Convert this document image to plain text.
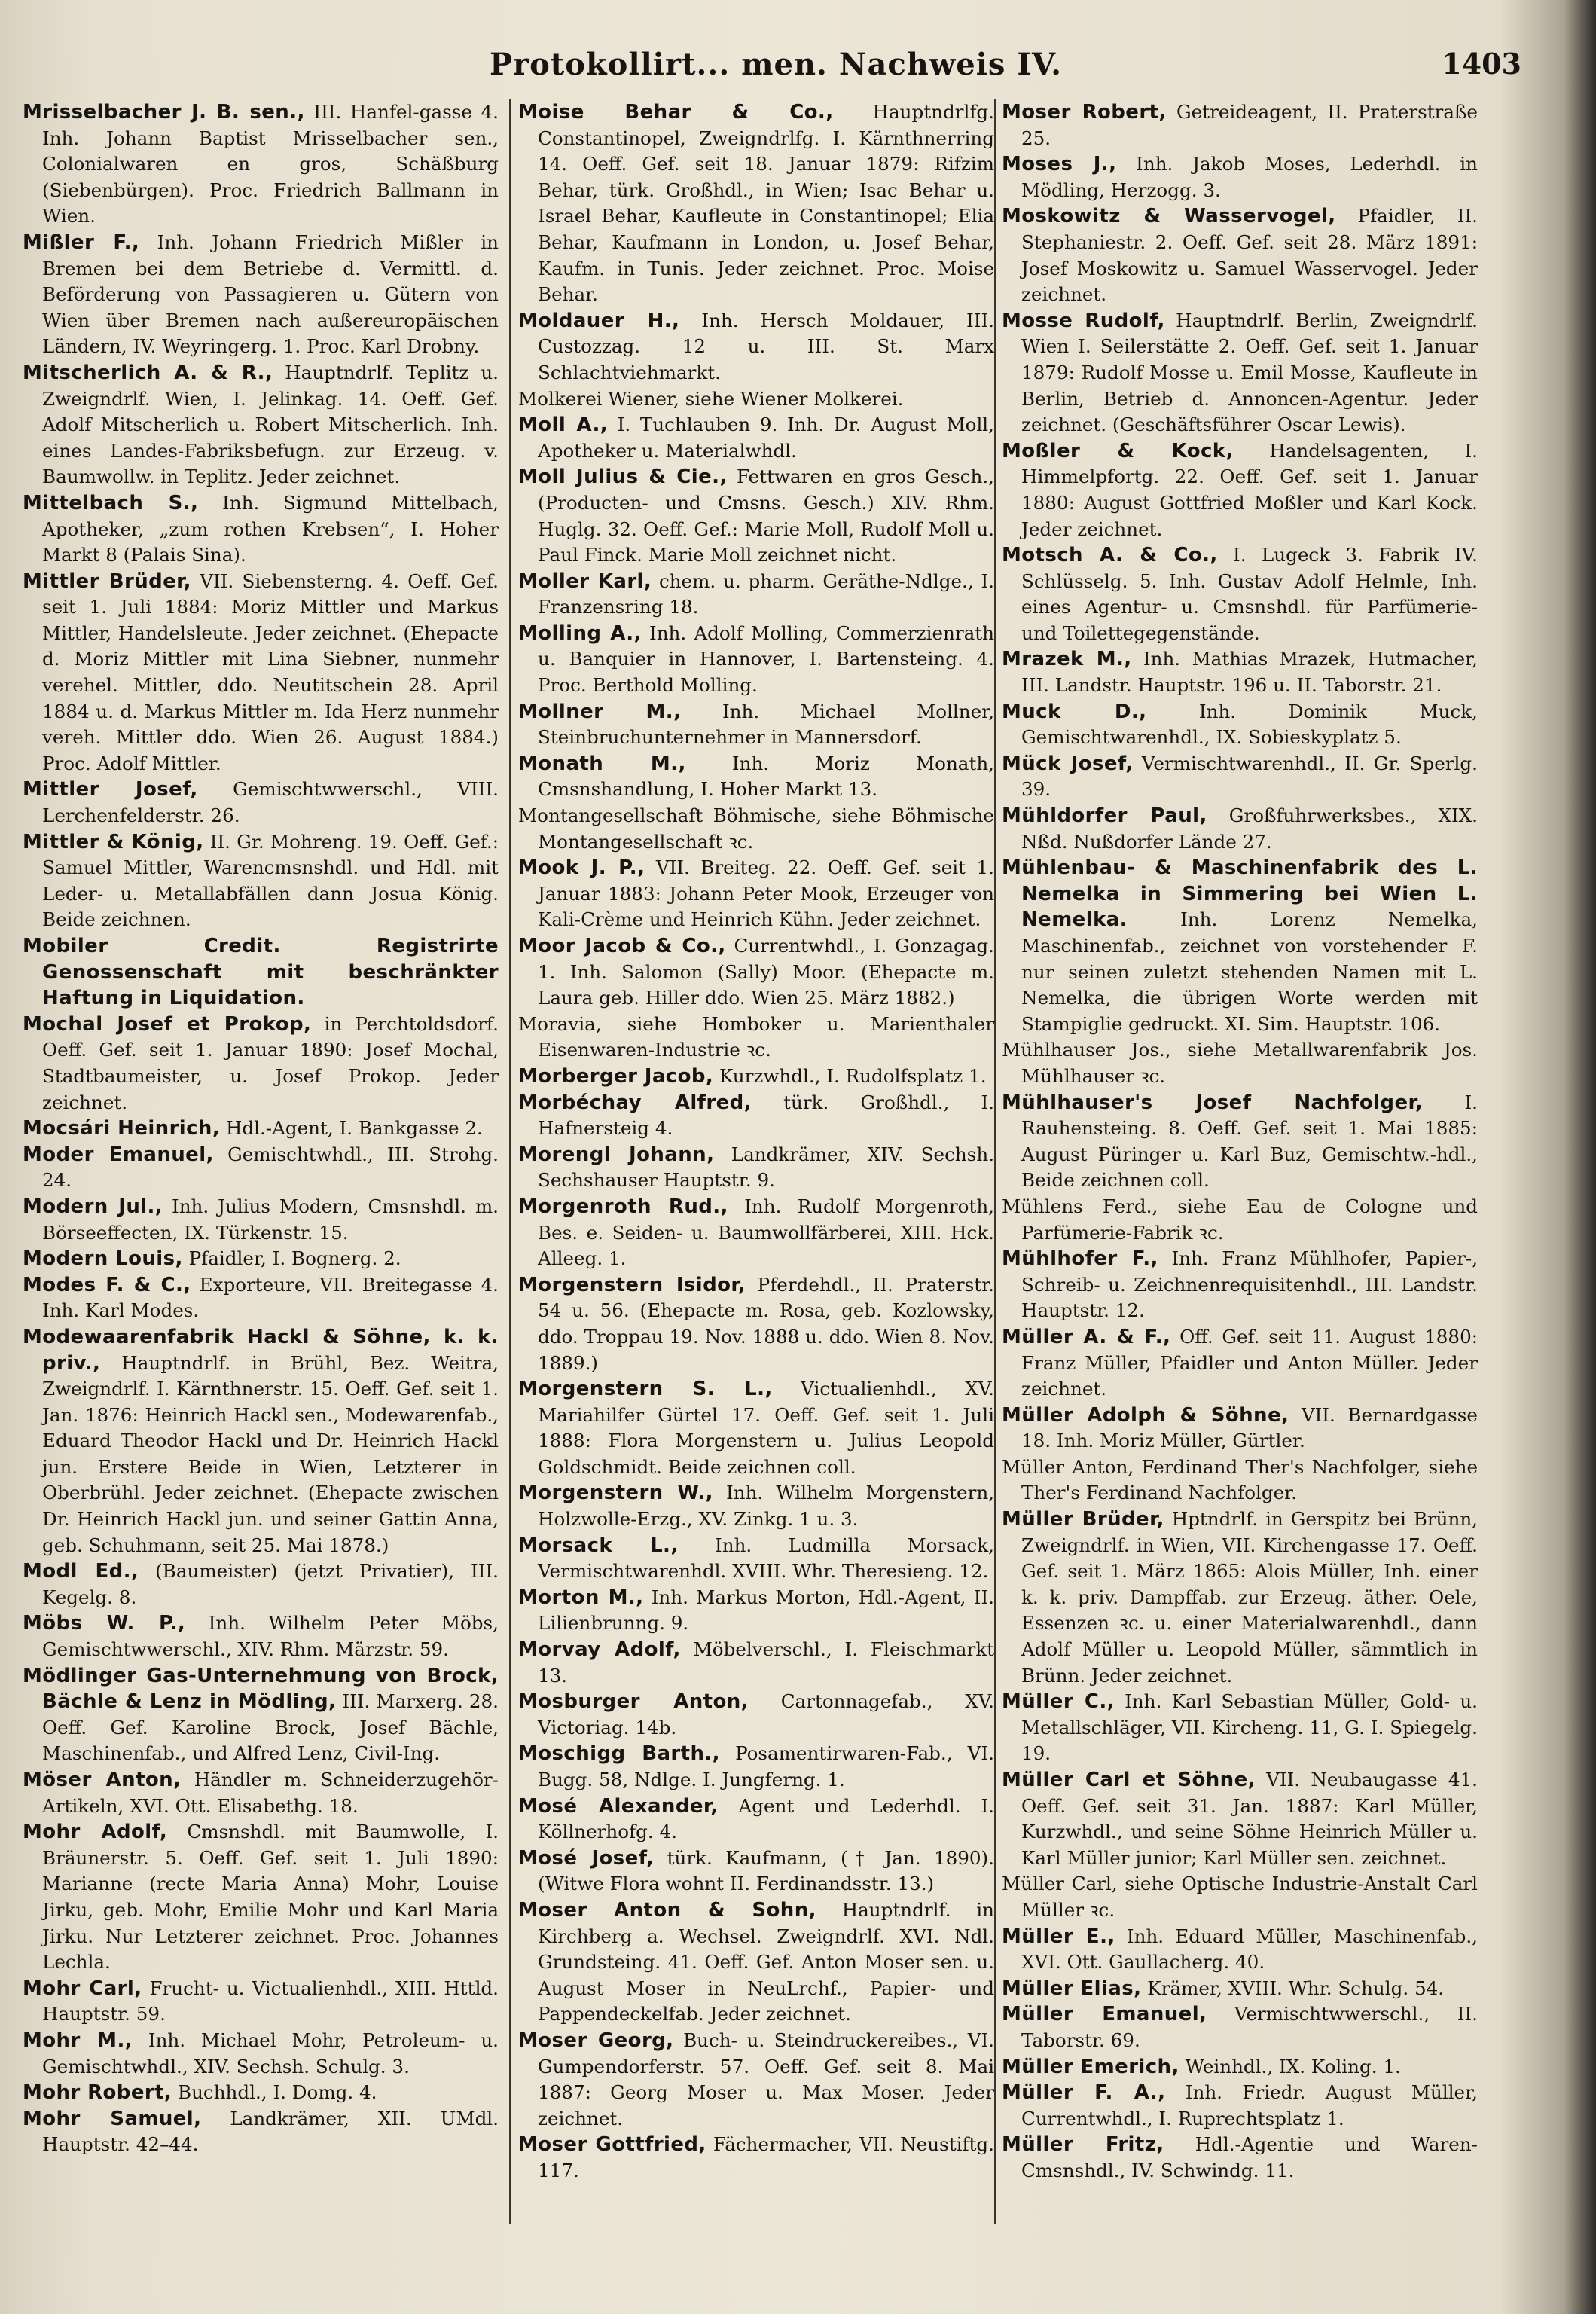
Protokollirt... men. Nachweis IV.	1403

Mrisselbacher J. B. sen., III. Hanfel-gasse 4. Inh. Johann Baptist Mrisselbacher sen., Colonialwaren en gros, Schäßburg (Siebenbürgen). Proc. Friedrich Ballmann in Wien.

Mißler F., Inh. Johann Friedrich Mißler in Bremen bei dem Betriebe d. Vermittl. d. Beförderung von Passagieren u. Gütern von Wien über Bremen nach außereuropäischen Ländern, IV. Weyringerg. 1. Proc. Karl Drobny.

Mitscherlich A. & R., Hauptndrlf. Teplitz u. Zweigndrlf. Wien, I. Jelinkag. 14. Oeff. Gef. Adolf Mitscherlich u. Robert Mitscherlich. Inh. eines Landes-Fabriksbefugn. zur Erzeug. v. Baumwollw. in Teplitz. Jeder zeichnet.

Mittelbach S., Inh. Sigmund Mittelbach, Apotheker, „zum rothen Krebsen“, I. Hoher Markt 8 (Palais Sina).

Mittler Brüder, VII. Siebensterng. 4. Oeff. Gef. seit 1. Juli 1884: Moriz Mittler und Markus Mittler, Handelsleute. Jeder zeichnet. (Ehepacte d. Moriz Mittler mit Lina Siebner, nunmehr verehel. Mittler, ddo. Neutitschein 28. April 1884 u. d. Markus Mittler m. Ida Herz nunmehr vereh. Mittler ddo. Wien 26. August 1884.) Proc. Adolf Mittler.

Mittler Josef, Gemischtwwerschl., VIII. Lerchenfelderstr. 26.

Mittler & König, II. Gr. Mohreng. 19. Oeff. Gef.: Samuel Mittler, Warencmsnshdl. und Hdl. mit Leder- u. Metallabfällen dann Josua König. Beide zeichnen.

Mobiler Credit. Registrirte Genossenschaft mit beschränkter Haftung in Liquidation.

Mochal Josef et Prokop, in Perchtoldsdorf. Oeff. Gef. seit 1. Januar 1890: Josef Mochal, Stadtbaumeister, u. Josef Prokop. Jeder zeichnet.

Mocsári Heinrich, Hdl.-Agent, I. Bankgasse 2.

Moder Emanuel, Gemischtwhdl., III. Strohg. 24.

Modern Jul., Inh. Julius Modern, Cmsnshdl. m. Börseeffecten, IX. Türkenstr. 15.

Modern Louis, Pfaidler, I. Bognerg. 2.

Modes F. & C., Exporteure, VII. Breitegasse 4. Inh. Karl Modes.

Modewaarenfabrik Hackl & Söhne, k. k. priv., Hauptndrlf. in Brühl, Bez. Weitra, Zweigndrlf. I. Kärnthnerstr. 15. Oeff. Gef. seit 1. Jan. 1876: Heinrich Hackl sen., Modewarenfab., Eduard Theodor Hackl und Dr. Heinrich Hackl jun. Erstere Beide in Wien, Letzterer in Oberbrühl. Jeder zeichnet. (Ehepacte zwischen Dr. Heinrich Hackl jun. und seiner Gattin Anna, geb. Schuhmann, seit 25. Mai 1878.)

Modl Ed., (Baumeister) (jetzt Privatier), III. Kegelg. 8.

Möbs W. P., Inh. Wilhelm Peter Möbs, Gemischtwwerschl., XIV. Rhm. Märzstr. 59.

Mödlinger Gas-Unternehmung von Brock, Bächle & Lenz in Mödling, III. Marxerg. 28. Oeff. Gef. Karoline Brock, Josef Bächle, Maschinenfab., und Alfred Lenz, Civil-Ing.

Möser Anton, Händler m. Schneiderzugehör-Artikeln, XVI. Ott. Elisabethg. 18.

Mohr Adolf, Cmsnshdl. mit Baumwolle, I. Bräunerstr. 5. Oeff. Gef. seit 1. Juli 1890: Marianne (recte Maria Anna) Mohr, Louise Jirku, geb. Mohr, Emilie Mohr und Karl Maria Jirku. Nur Letzterer zeichnet. Proc. Johannes Lechla.

Mohr Carl, Frucht- u. Victualienhdl., XIII. Httld. Hauptstr. 59.

Mohr M., Inh. Michael Mohr, Petroleum- u. Gemischtwhdl., XIV. Sechsh. Schulg. 3.

Mohr Robert, Buchhdl., I. Domg. 4.

Mohr Samuel, Landkrämer, XII. UMdl. Hauptstr. 42–44.

Moise Behar & Co., Hauptndrlfg. Constantinopel, Zweigndrlfg. I. Kärnthnerring 14. Oeff. Gef. seit 18. Januar 1879: Rifzim Behar, türk. Großhdl., in Wien; Isac Behar u. Israel Behar, Kaufleute in Constantinopel; Elia Behar, Kaufmann in London, u. Josef Behar, Kaufm. in Tunis. Jeder zeichnet. Proc. Moise Behar.

Moldauer H., Inh. Hersch Moldauer, III. Custozzag. 12 u. III. St. Marx Schlachtviehmarkt.

Molkerei Wiener, siehe Wiener Molkerei.

Moll A., I. Tuchlauben 9. Inh. Dr. August Moll, Apotheker u. Materialwhdl.

Moll Julius & Cie., Fettwaren en gros Gesch., (Producten- und Cmsns. Gesch.) XIV. Rhm. Huglg. 32. Oeff. Gef.: Marie Moll, Rudolf Moll u. Paul Finck. Marie Moll zeichnet nicht.

Moller Karl, chem. u. pharm. Geräthe-Ndlge., I. Franzensring 18.

Molling A., Inh. Adolf Molling, Commerzienrath u. Banquier in Hannover, I. Bartensteing. 4. Proc. Berthold Molling.

Mollner M., Inh. Michael Mollner, Steinbruchunternehmer in Mannersdorf.

Monath M., Inh. Moriz Monath, Cmsnshandlung, I. Hoher Markt 13.

Montangesellschaft Böhmische, siehe Böhmische Montangesellschaft ꝛc.

Mook J. P., VII. Breiteg. 22. Oeff. Gef. seit 1. Januar 1883: Johann Peter Mook, Erzeuger von Kali-Crème und Heinrich Kühn. Jeder zeichnet.

Moor Jacob & Co., Currentwhdl., I. Gonzagag. 1. Inh. Salomon (Sally) Moor. (Ehepacte m. Laura geb. Hiller ddo. Wien 25. März 1882.)

Moravia, siehe Homboker u. Marienthaler Eisenwaren-Industrie ꝛc.

Morberger Jacob, Kurzwhdl., I. Rudolfsplatz 1.

Morbéchay Alfred, türk. Großhdl., I. Hafnersteig 4.

Morengl Johann, Landkrämer, XIV. Sechsh. Sechshauser Hauptstr. 9.

Morgenroth Rud., Inh. Rudolf Morgenroth, Bes. e. Seiden- u. Baumwollfärberei, XIII. Hck. Alleeg. 1.

Morgenstern Isidor, Pferdehdl., II. Praterstr. 54 u. 56. (Ehepacte m. Rosa, geb. Kozlowsky, ddo. Troppau 19. Nov. 1888 u. ddo. Wien 8. Nov. 1889.)

Morgenstern S. L., Victualienhdl., XV. Mariahilfer Gürtel 17. Oeff. Gef. seit 1. Juli 1888: Flora Morgenstern u. Julius Leopold Goldschmidt. Beide zeichnen coll.

Morgenstern W., Inh. Wilhelm Morgenstern, Holzwolle-Erzg., XV. Zinkg. 1 u. 3.

Morsack L., Inh. Ludmilla Morsack, Vermischtwarenhdl. XVIII. Whr. Theresieng. 12.

Morton M., Inh. Markus Morton, Hdl.-Agent, II. Lilienbrunng. 9.

Morvay Adolf, Möbelverschl., I. Fleischmarkt 13.

Mosburger Anton, Cartonnagefab., XV. Victoriag. 14b.

Moschigg Barth., Posamentirwaren-Fab., VI. Bugg. 58, Ndlge. I. Jungferng. 1.

Mosé Alexander, Agent und Lederhdl. I. Köllnerhofg. 4.

Mosé Josef, türk. Kaufmann, († Jan. 1890). (Witwe Flora wohnt II. Ferdinandsstr. 13.)

Moser Anton & Sohn, Hauptndrlf. in Kirchberg a. Wechsel. Zweigndrlf. XVI. Ndl. Grundsteing. 41. Oeff. Gef. Anton Moser sen. u. August Moser in NeuLrchf., Papier- und Pappendeckelfab. Jeder zeichnet.

Moser Georg, Buch- u. Steindruckereibes., VI. Gumpendorferstr. 57. Oeff. Gef. seit 8. Mai 1887: Georg Moser u. Max Moser. Jeder zeichnet.

Moser Gottfried, Fächermacher, VII. Neustiftg. 117.

Moser Robert, Getreideagent, II. Praterstraße 25.

Moses J., Inh. Jakob Moses, Lederhdl. in Mödling, Herzogg. 3.

Moskowitz & Wasservogel, Pfaidler, II. Stephaniestr. 2. Oeff. Gef. seit 28. März 1891: Josef Moskowitz u. Samuel Wasservogel. Jeder zeichnet.

Mosse Rudolf, Hauptndrlf. Berlin, Zweigndrlf. Wien I. Seilerstätte 2. Oeff. Gef. seit 1. Januar 1879: Rudolf Mosse u. Emil Mosse, Kaufleute in Berlin, Betrieb d. Annoncen-Agentur. Jeder zeichnet. (Geschäftsführer Oscar Lewis).

Moßler & Kock, Handelsagenten, I. Himmelpfortg. 22. Oeff. Gef. seit 1. Januar 1880: August Gottfried Moßler und Karl Kock. Jeder zeichnet.

Motsch A. & Co., I. Lugeck 3. Fabrik IV. Schlüsselg. 5. Inh. Gustav Adolf Helmle, Inh. eines Agentur- u. Cmsnshdl. für Parfümerie- und Toilettegegenstände.

Mrazek M., Inh. Mathias Mrazek, Hutmacher, III. Landstr. Hauptstr. 196 u. II. Taborstr. 21.

Muck D.,	Inh. Dominik Muck, Gemischtwarenhdl., IX. Sobieskyplatz 5.

Mück Josef, Vermischtwarenhdl., II. Gr. Sperlg. 39.

Mühldorfer Paul, Großfuhrwerksbes., XIX. Nßd. Nußdorfer Lände 27.

Mühlenbau- & Maschinenfabrik des L. Nemelka in Simmering bei Wien L. Nemelka.	Inh. Lorenz Nemelka, Maschinenfab., zeichnet von vorstehender F. nur seinen zuletzt stehenden Namen mit L. Nemelka, die übrigen Worte werden mit Stampiglie gedruckt. XI. Sim. Hauptstr. 106.

Mühlhauser Jos., siehe Metallwarenfabrik Jos. Mühlhauser ꝛc.

Mühlhauser's Josef Nachfolger, I. Rauhensteing. 8. Oeff. Gef. seit 1. Mai 1885: August Püringer u. Karl Buz, Gemischtw.-hdl., Beide zeichnen coll.

Mühlens Ferd., siehe Eau de Cologne und Parfümerie-Fabrik ꝛc.

Mühlhofer F., Inh. Franz Mühlhofer, Papier-, Schreib- u. Zeichnenrequisitenhdl., III. Landstr. Hauptstr. 12.

Müller A. & F., Off. Gef. seit 11. August 1880: Franz Müller, Pfaidler und Anton Müller. Jeder zeichnet.

Müller Adolph & Söhne, VII. Bernardgasse 18. Inh. Moriz Müller, Gürtler.

Müller Anton, Ferdinand Ther's Nachfolger, siehe Ther's Ferdinand Nachfolger.

Müller Brüder, Hptndrlf. in Gerspitz bei Brünn, Zweigndrlf. in Wien, VII. Kirchengasse 17. Oeff. Gef. seit 1. März 1865: Alois Müller, Inh. einer k. k. priv. Dampffab. zur Erzeug. äther. Oele, Essenzen ꝛc. u. einer Materialwarenhdl., dann Adolf Müller u. Leopold Müller, sämmtlich in Brünn. Jeder zeichnet.

Müller C., Inh. Karl Sebastian Müller, Gold- u. Metallschläger, VII. Kircheng. 11, G. I. Spiegelg. 19.

Müller Carl et Söhne, VII. Neubaugasse 41. Oeff. Gef. seit 31. Jan. 1887: Karl Müller, Kurzwhdl., und seine Söhne Heinrich Müller u. Karl Müller junior; Karl Müller sen. zeichnet.

Müller Carl, siehe Optische Industrie-Anstalt Carl Müller ꝛc.

Müller E., Inh. Eduard Müller, Maschinenfab., XVI. Ott. Gaullacherg. 40.

Müller Elias, Krämer, XVIII. Whr. Schulg. 54.

Müller Emanuel, Vermischtwwerschl., II. Taborstr. 69.

Müller Emerich, Weinhdl., IX. Koling. 1.

Müller F. A., Inh. Friedr. August Müller, Currentwhdl., I. Ruprechtsplatz 1.

Müller Fritz, Hdl.-Agentie und Waren-Cmsnshdl., IV. Schwindg. 11.
